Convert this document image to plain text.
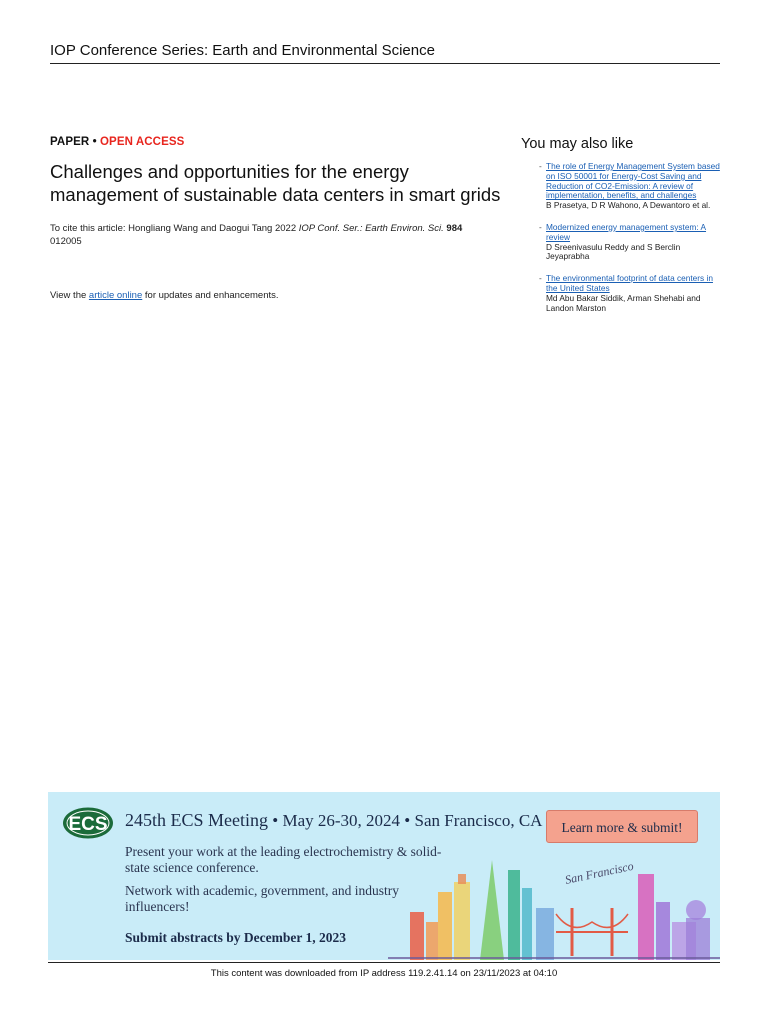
IOP Conference Series: Earth and Environmental Science
PAPER • OPEN ACCESS
Challenges and opportunities for the energy management of sustainable data centers in smart grids
To cite this article: Hongliang Wang and Daogui Tang 2022 IOP Conf. Ser.: Earth Environ. Sci. 984
012005
View the article online for updates and enhancements.
You may also like
- The role of Energy Management System based on ISO 50001 for Energy-Cost Saving and Reduction of CO2-Emission: A review of implementation, benefits, and challenges
B Prasetya, D R Wahono, A Dewantoro et al.
- Modernized energy management system: A review
D Sreenivasulu Reddy and S Berclin Jeyaprabha
- The environmental footprint of data centers in the United States
Md Abu Bakar Siddik, Arman Shehabi and Landon Marston
ECS 245th ECS Meeting • May 26-30, 2024 • San Francisco, CA
Present your work at the leading electrochemistry & solid-state science conference.
Network with academic, government, and industry influencers!
Submit abstracts by December 1, 2023
Learn more & submit!
San Francisco
This content was downloaded from IP address 119.2.41.14 on 23/11/2023 at 04:10
